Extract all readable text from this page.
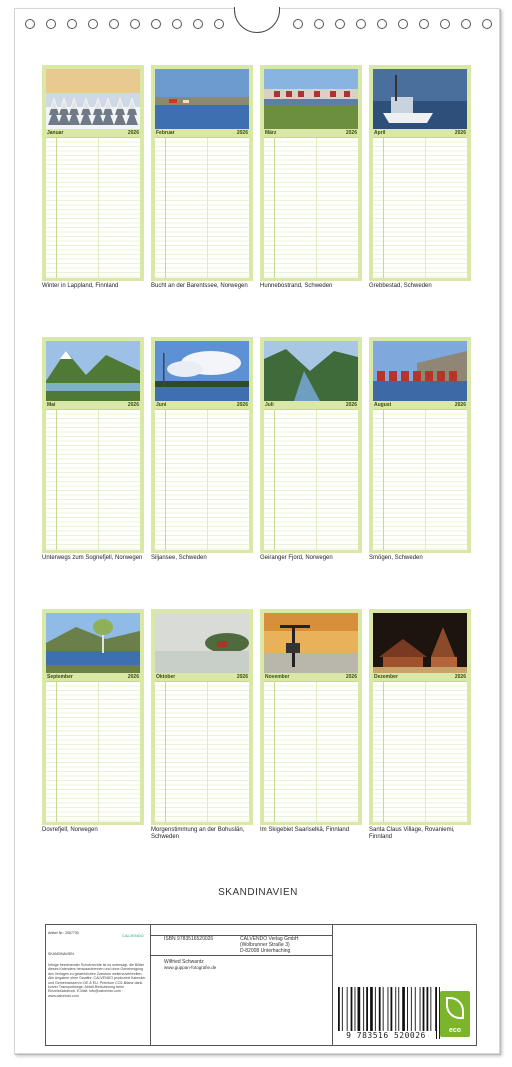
Januar	2026
Winter in Lappland, Finnland
Februar	2026
Bucht an der Barentssee, Norwegen
März	2026
Hunnebostrand, Schweden
April	2026
Grebbestad, Schweden
Mai	2026
Unterwegs zum Sognefjell, Norwegen
Juni	2026
Siljansee, Schweden
Juli	2026
Geiranger Fjord, Norwegen
August	2026
Smögen, Schweden
September	2026
Dovrefjell, Norwegen
Oktober	2026
Morgenstimmung an der Bohuslän, Schweden
November	2026
Im Skigebiet Saariselkä, Finnland
Dezember	2026
Santa Claus Village, Rovaniemi, Finnland
SKANDINAVIEN
Artikel Nr.: 2067730	CALVENDO
SKANDINAVIEN
Infolge bestehender Schutzrechte ist es untersagt, die Bilder dieses Kalenders herauszutrennen und ohne Genehmigung des Verlages zu gewerblichen Zwecken weiterzuverbreiten. Alle Angaben ohne Gewähr. CALVENDO produziert Kalender und Gemeinwissen in DE & EU. Premium CO2-Bilanz dank kurzer Transportwege. Abfall-Reduzierung beim Einzelstückdruck. E-Mail: info@calvendo.com · www.calvendo.com
ISBN 9783516520026
Wilfried Schwantz
www.guppan-fotografie.de
CALVENDO Verlag GmbH
(Wolbrunner Straße 3)
D-82008 Unterhaching
9 783516 520026
eco
